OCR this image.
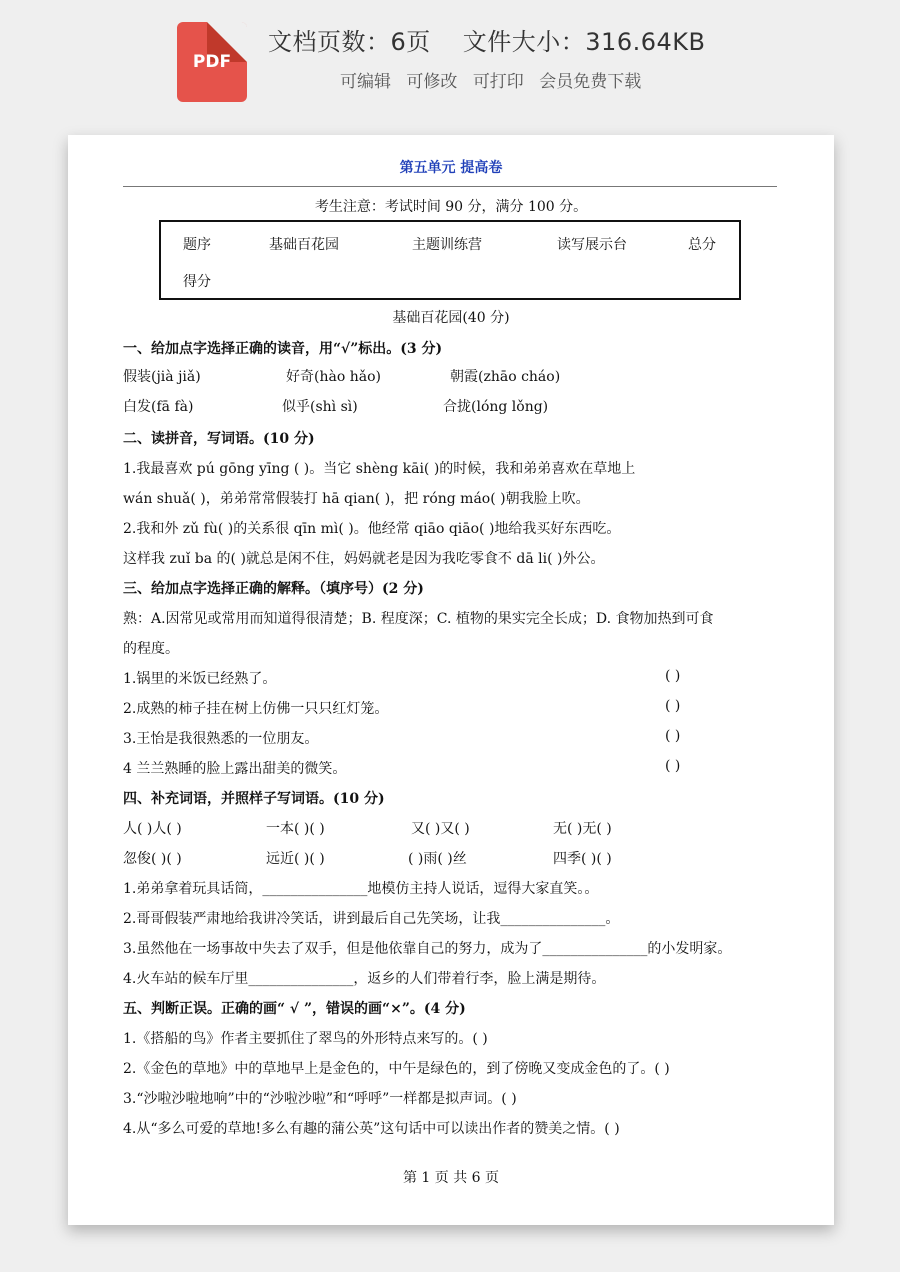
PDF
文档页数：6页 文件大小：316.64KB
可编辑 可修改 可打印 会员免费下载
第五单元 提高卷
考生注意：考试时间 90 分，满分 100 分。
题序	基础百花园	主题训练营	读写展示台	总分
得分
基础百花园(40 分)
一、给加点字选择正确的读音，用“√”标出。(3 分)
假装(jià jiǎ)	好奇(hào hǎo)	朝霞(zhāo cháo)
白发(fā fà)	似乎(shì sì)	合拢(lóng lǒng)
二、读拼音，写词语。(10 分)
1.我最喜欢 pú gōng yīng ( )。当它 shèng kāi( )的时候，我和弟弟喜欢在草地上
wán shuǎ( )，弟弟常常假装打 hā qian( )，把 róng máo( )朝我脸上吹。
2.我和外 zǔ fù( )的关系很 qīn mì( )。他经常 qiāo qiāo( )地给我买好东西吃。
这样我 zuǐ ba 的( )就总是闲不住，妈妈就老是因为我吃零食不 dā li( )外公。
三、给加点字选择正确的解释。（填序号）(2 分)
熟：A.因常见或常用而知道得很清楚；B. 程度深；C. 植物的果实完全长成；D. 食物加热到可食
的程度。
1.锅里的米饭已经熟了。	( )
2.成熟的柿子挂在树上仿佛一只只红灯笼。	( )
3.王怡是我很熟悉的一位朋友。	( )
4 兰兰熟睡的脸上露出甜美的微笑。	( )
四、补充词语，并照样子写词语。(10 分)
人( )人( )	一本( )( )	又( )又( )	无( )无( )
忽俊( )( )	远近( )( )	( )雨( )丝	四季( )( )
1.弟弟拿着玩具话筒，_______________地模仿主持人说话，逗得大家直笑。。
2.哥哥假装严肃地给我讲冷笑话，讲到最后自己先笑场，让我_______________。
3.虽然他在一场事故中失去了双手，但是他依靠自己的努力，成为了_______________的小发明家。
4.火车站的候车厅里_______________，返乡的人们带着行李，脸上满是期待。
五、判断正误。正确的画“ √ ”，错误的画“×”。(4 分)
1.《搭船的鸟》作者主要抓住了翠鸟的外形特点来写的。( )
2.《金色的草地》中的草地早上是金色的，中午是绿色的，到了傍晚又变成金色的了。( )
3.“沙啦沙啦地响”中的“沙啦沙啦”和“呼呼”一样都是拟声词。( )
4.从“多么可爱的草地!多么有趣的蒲公英”这句话中可以读出作者的赞美之情。( )
第 1 页 共 6 页
